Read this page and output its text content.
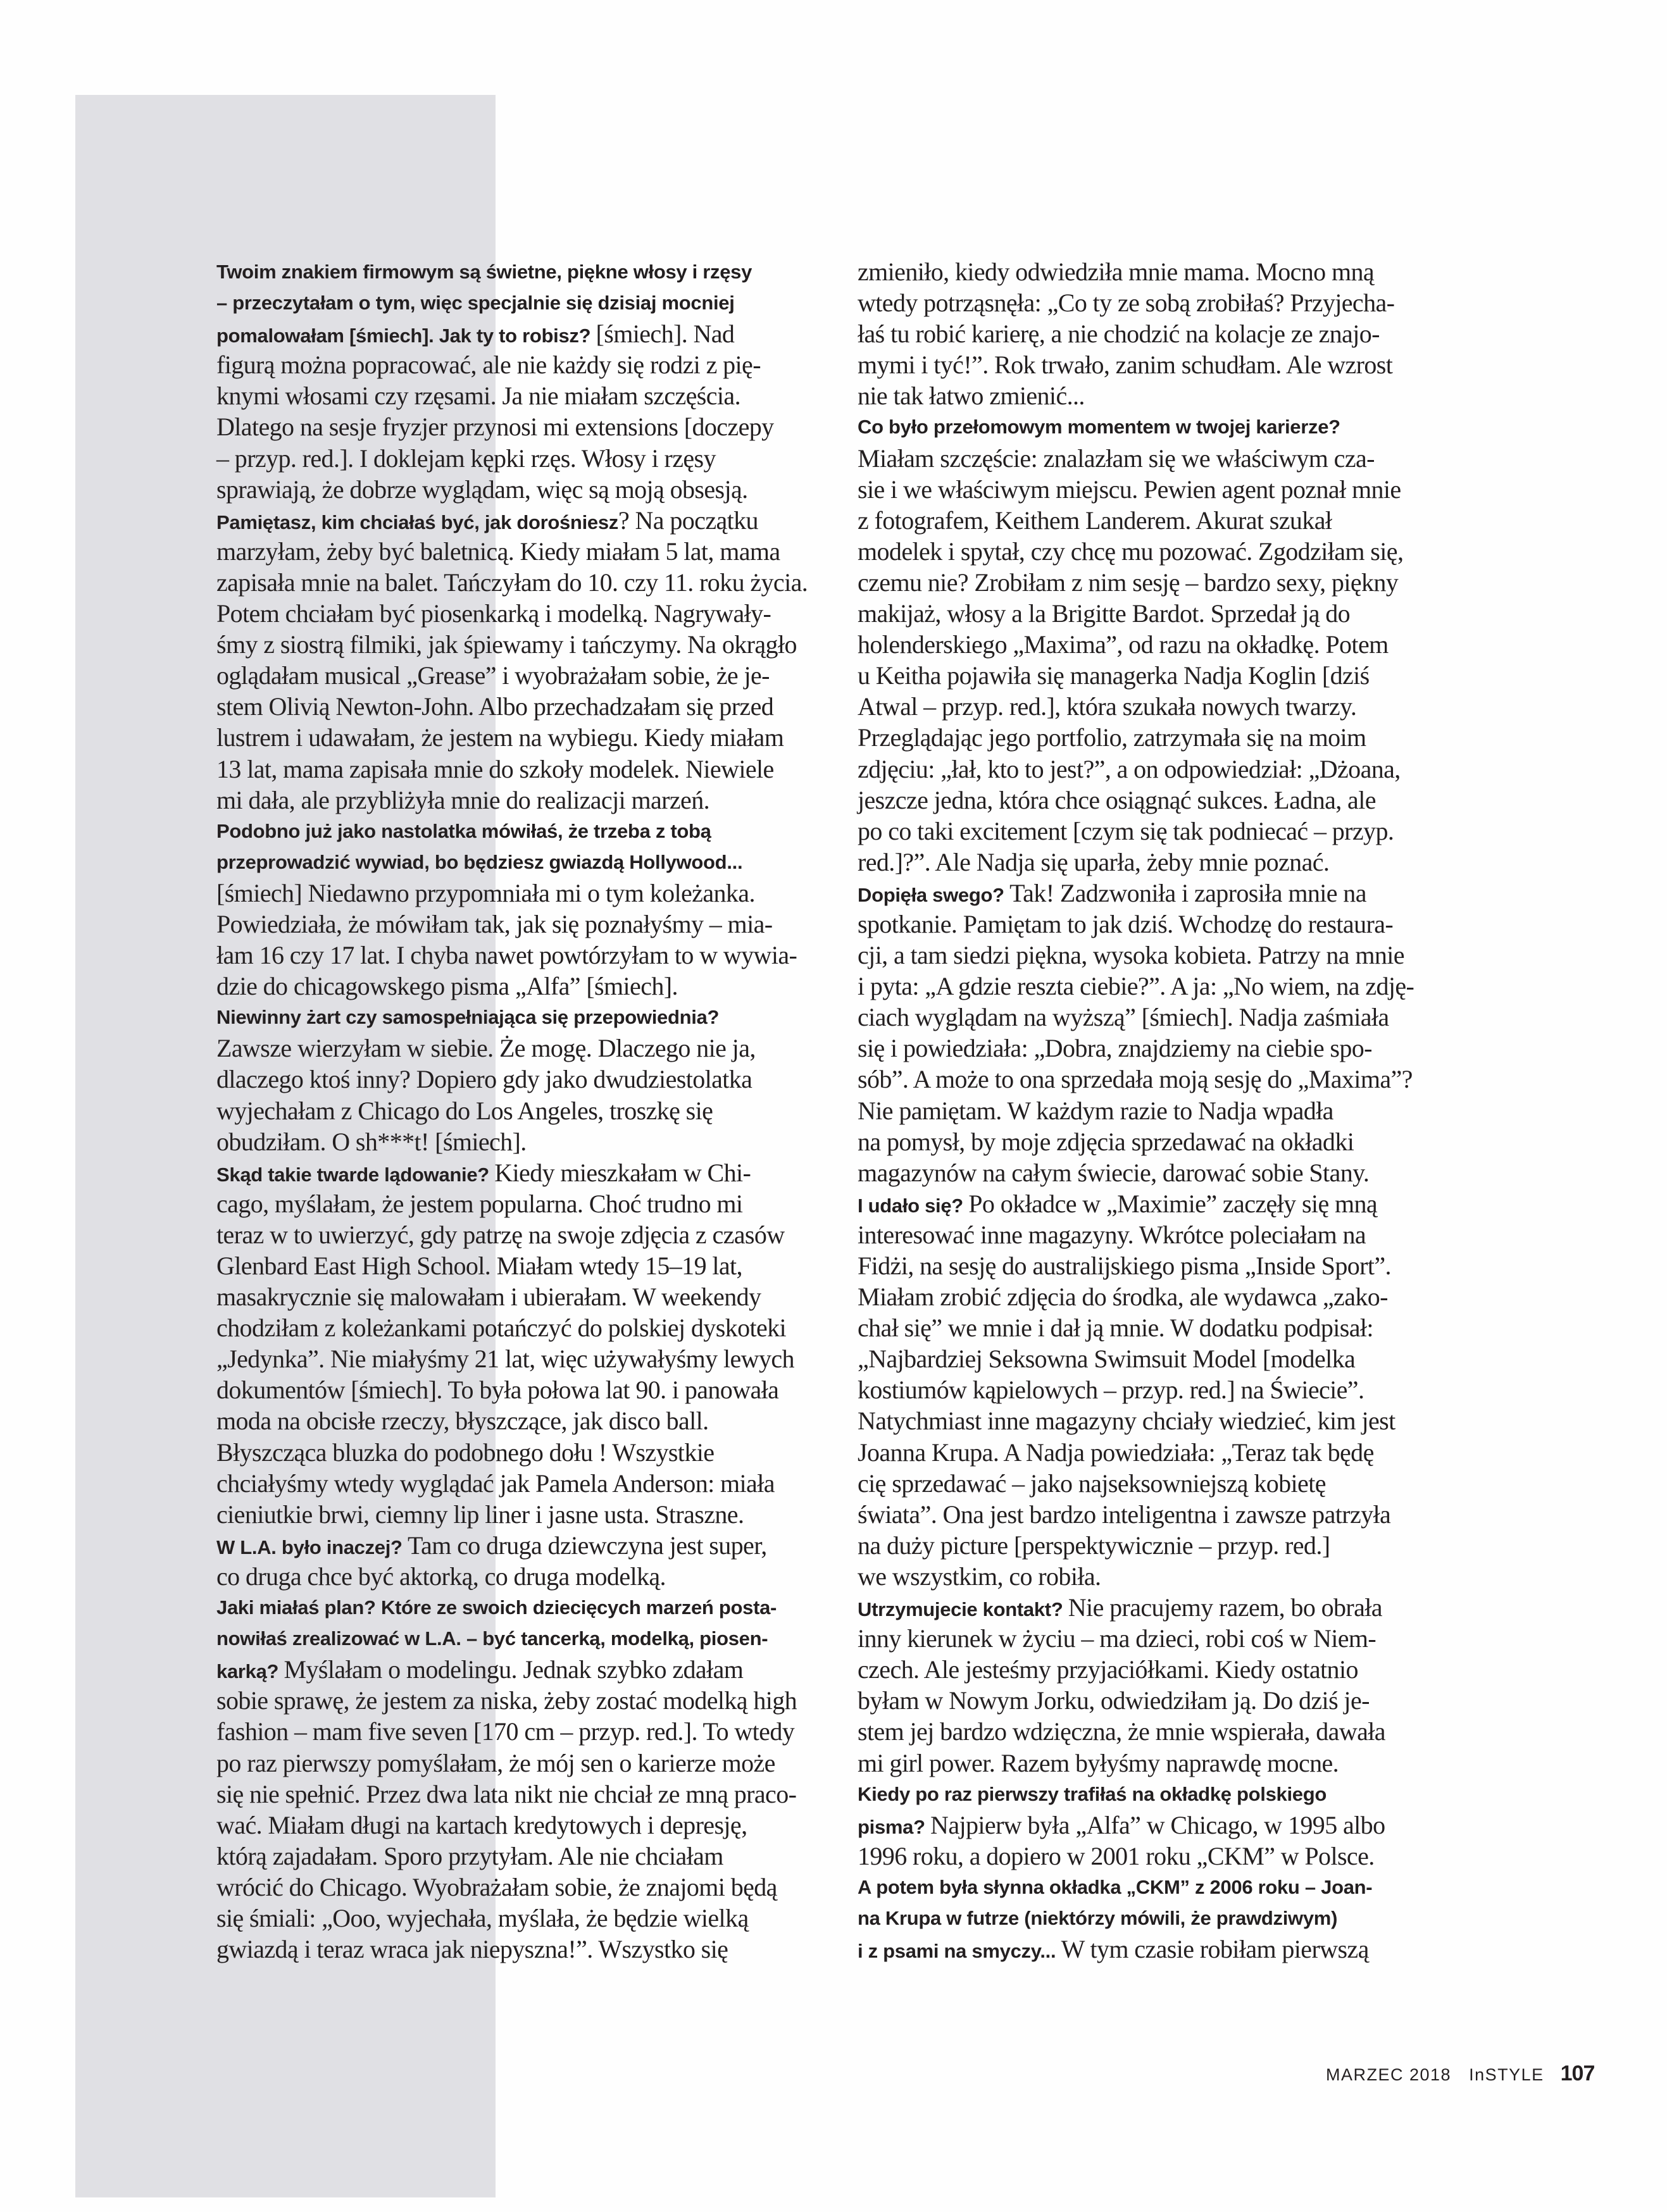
Twoim znakiem firmowym są świetne, piękne włosy i rzęsy
– przeczytałam o tym, więc specjalnie się dzisiaj mocniej
pomalowałam [śmiech]. Jak ty to robisz? [śmiech]. Nad
figurą można popracować, ale nie każdy się rodzi z pię-
knymi włosami czy rzęsami. Ja nie miałam szczęścia.
Dlatego na sesje fryzjer przynosi mi extensions [doczepy
– przyp. red.]. I doklejam kępki rzęs. Włosy i rzęsy
sprawiają, że dobrze wyglądam, więc są moją obsesją.
Pamiętasz, kim chciałaś być, jak dorośniesz? Na początku
marzyłam, żeby być baletnicą. Kiedy miałam 5 lat, mama
zapisała mnie na balet. Tańczyłam do 10. czy 11. roku życia.
Potem chciałam być piosenkarką i modelką. Nagrywały-
śmy z siostrą filmiki, jak śpiewamy i tańczymy. Na okrągło
oglądałam musical „Grease” i wyobrażałam sobie, że je-
stem Olivią Newton-John. Albo przechadzałam się przed
lustrem i udawałam, że jestem na wybiegu. Kiedy miałam
13 lat, mama zapisała mnie do szkoły modelek. Niewiele
mi dała, ale przybliżyła mnie do realizacji marzeń.
Podobno już jako nastolatka mówiłaś, że trzeba z tobą
przeprowadzić wywiad, bo będziesz gwiazdą Hollywood...
[śmiech] Niedawno przypomniała mi o tym koleżanka.
Powiedziała, że mówiłam tak, jak się poznałyśmy – mia-
łam 16 czy 17 lat. I chyba nawet powtórzyłam to w wywia-
dzie do chicagowskego pisma „Alfa” [śmiech].
Niewinny żart czy samospełniająca się przepowiednia?
Zawsze wierzyłam w siebie. Że mogę. Dlaczego nie ja,
dlaczego ktoś inny? Dopiero gdy jako dwudziestolatka
wyjechałam z Chicago do Los Angeles, troszkę się
obudziłam. O sh***t! [śmiech].
Skąd takie twarde lądowanie? Kiedy mieszkałam w Chi-
cago, myślałam, że jestem popularna. Choć trudno mi
teraz w to uwierzyć, gdy patrzę na swoje zdjęcia z czasów
Glenbard East High School. Miałam wtedy 15–19 lat,
masakrycznie się malowałam i ubierałam. W weekendy
chodziłam z koleżankami potańczyć do polskiej dyskoteki
„Jedynka”. Nie miałyśmy 21 lat, więc używałyśmy lewych
dokumentów [śmiech]. To była połowa lat 90. i panowała
moda na obcisłe rzeczy, błyszczące, jak disco ball.
Błyszcząca bluzka do podobnego dołu ! Wszystkie
chciałyśmy wtedy wyglądać jak Pamela Anderson: miała
cieniutkie brwi, ciemny lip liner i jasne usta. Straszne.
W L.A. było inaczej? Tam co druga dziewczyna jest super,
co druga chce być aktorką, co druga modelką.
Jaki miałaś plan? Które ze swoich dziecięcych marzeń posta-
nowiłaś zrealizować w L.A. – być tancerką, modelką, piosen-
karką? Myślałam o modelingu. Jednak szybko zdałam
sobie sprawę, że jestem za niska, żeby zostać modelką high
fashion – mam five seven [170 cm – przyp. red.]. To wtedy
po raz pierwszy pomyślałam, że mój sen o karierze może
się nie spełnić. Przez dwa lata nikt nie chciał ze mną praco-
wać. Miałam długi na kartach kredytowych i depresję,
którą zajadałam. Sporo przytyłam. Ale nie chciałam
wrócić do Chicago. Wyobrażałam sobie, że znajomi będą
się śmiali: „Ooo, wyjechała, myślała, że będzie wielką
gwiazdą i teraz wraca jak niepyszna!”. Wszystko się
zmieniło, kiedy odwiedziła mnie mama. Mocno mną
wtedy potrząsnęła: „Co ty ze sobą zrobiłaś? Przyjecha-
łaś tu robić karierę, a nie chodzić na kolacje ze znajo-
mymi i tyć!”. Rok trwało, zanim schudłam. Ale wzrost
nie tak łatwo zmienić...
Co było przełomowym momentem w twojej karierze?
Miałam szczęście: znalazłam się we właściwym cza-
sie i we właściwym miejscu. Pewien agent poznał mnie
z fotografem, Keithem Landerem. Akurat szukał
modelek i spytał, czy chcę mu pozować. Zgodziłam się,
czemu nie? Zrobiłam z nim sesję – bardzo sexy, piękny
makijaż, włosy a la Brigitte Bardot. Sprzedał ją do
holenderskiego „Maxima”, od razu na okładkę. Potem
u Keitha pojawiła się managerka Nadja Koglin [dziś
Atwal – przyp. red.], która szukała nowych twarzy.
Przeglądając jego portfolio, zatrzymała się na moim
zdjęciu: „łał, kto to jest?”, a on odpowiedział: „Dżoana,
jeszcze jedna, która chce osiągnąć sukces. Ładna, ale
po co taki excitement [czym się tak podniecać – przyp.
red.]?”. Ale Nadja się uparła, żeby mnie poznać.
Dopięła swego? Tak! Zadzwoniła i zaprosiła mnie na
spotkanie. Pamiętam to jak dziś. Wchodzę do restaura-
cji, a tam siedzi piękna, wysoka kobieta. Patrzy na mnie
i pyta: „A gdzie reszta ciebie?”. A ja: „No wiem, na zdję-
ciach wyglądam na wyższą” [śmiech]. Nadja zaśmiała
się i powiedziała: „Dobra, znajdziemy na ciebie spo-
sób”. A może to ona sprzedała moją sesję do „Maxima”?
Nie pamiętam. W każdym razie to Nadja wpadła
na pomysł, by moje zdjęcia sprzedawać na okładki
magazynów na całym świecie, darować sobie Stany.
I udało się? Po okładce w „Maximie” zaczęły się mną
interesować inne magazyny. Wkrótce poleciałam na
Fidżi, na sesję do australijskiego pisma „Inside Sport”.
Miałam zrobić zdjęcia do środka, ale wydawca „zako-
chał się” we mnie i dał ją mnie. W dodatku podpisał:
„Najbardziej Seksowna Swimsuit Model [modelka
kostiumów kąpielowych – przyp. red.] na Świecie”.
Natychmiast inne magazyny chciały wiedzieć, kim jest
Joanna Krupa. A Nadja powiedziała: „Teraz tak będę
cię sprzedawać – jako najseksowniejszą kobietę
świata”. Ona jest bardzo inteligentna i zawsze patrzyła
na duży picture [perspektywicznie – przyp. red.]
we wszystkim, co robiła.
Utrzymujecie kontakt? Nie pracujemy razem, bo obrała
inny kierunek w życiu – ma dzieci, robi coś w Niem-
czech. Ale jesteśmy przyjaciółkami. Kiedy ostatnio
byłam w Nowym Jorku, odwiedziłam ją. Do dziś je-
stem jej bardzo wdzięczna, że mnie wspierała, dawała
mi girl power. Razem byłyśmy naprawdę mocne.
Kiedy po raz pierwszy trafiłaś na okładkę polskiego
pisma? Najpierw była „Alfa” w Chicago, w 1995 albo
1996 roku, a dopiero w 2001 roku „CKM” w Polsce.
A potem była słynna okładka „CKM” z 2006 roku – Joan-
na Krupa w futrze (niektórzy mówili, że prawdziwym)
i z psami na smyczy... W tym czasie robiłam pierwszą
MARZEC 2018 InSTYLE 107
